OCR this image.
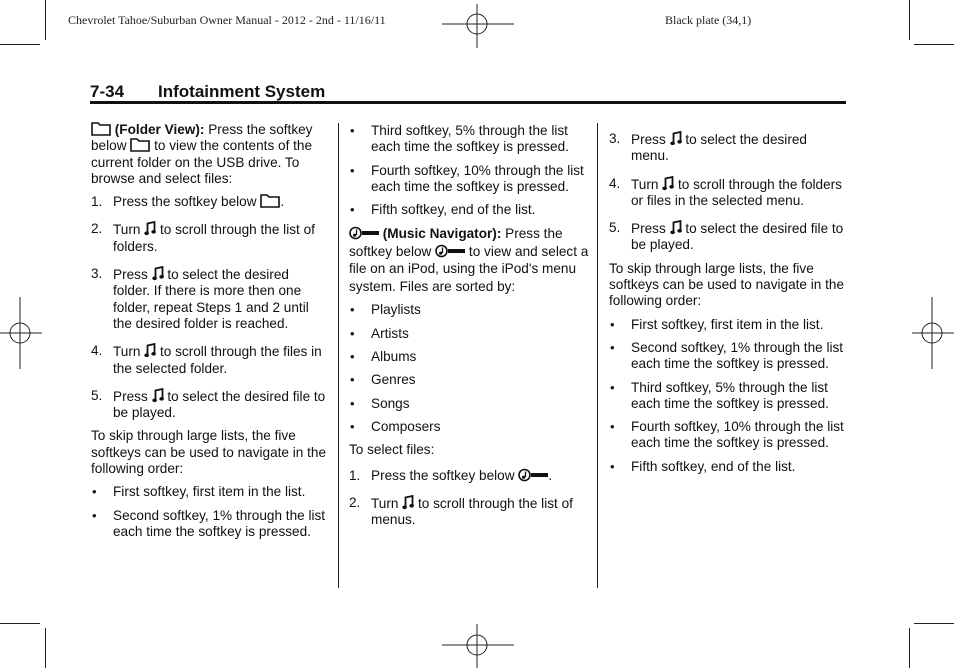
Chevrolet Tahoe/Suburban Owner Manual - 2012 - 2nd - 11/16/11	Black plate (34,1)
7-34 Infotainment System

(Folder View): Press the softkey below to view the contents of the current folder on the USB drive. To browse and select files:

1. Press the softkey below .

2. Turn to scroll through the list of folders.

3. Press to select the desired folder. If there is more then one folder, repeat Steps 1 and 2 until the desired folder is reached.

4. Turn to scroll through the files in the selected folder.

5. Press to select the desired file to be played.

To skip through large lists, the five softkeys can be used to navigate in the following order:

• First softkey, first item in the list.

• Second softkey, 1% through the list each time the softkey is pressed.

• Third softkey, 5% through the list each time the softkey is pressed.

• Fourth softkey, 10% through the list each time the softkey is pressed.

• Fifth softkey, end of the list.

(Music Navigator): Press the softkey below	to view and select a file on an iPod, using the iPod's menu system. Files are sorted by:

• Playlists

• Artists

• Albums

• Genres

• Songs

• Composers

To select files:

1. Press the softkey below .

2. Turn to scroll through the list of menus.

3. Press to select the desired menu.

4. Turn to scroll through the folders or files in the selected menu.

5. Press to select the desired file to be played.

To skip through large lists, the five softkeys can be used to navigate in the following order:

• First softkey, first item in the list.

• Second softkey, 1% through the list each time the softkey is pressed.

• Third softkey, 5% through the list each time the softkey is pressed.

• Fourth softkey, 10% through the list each time the softkey is pressed.

• Fifth softkey, end of the list.
